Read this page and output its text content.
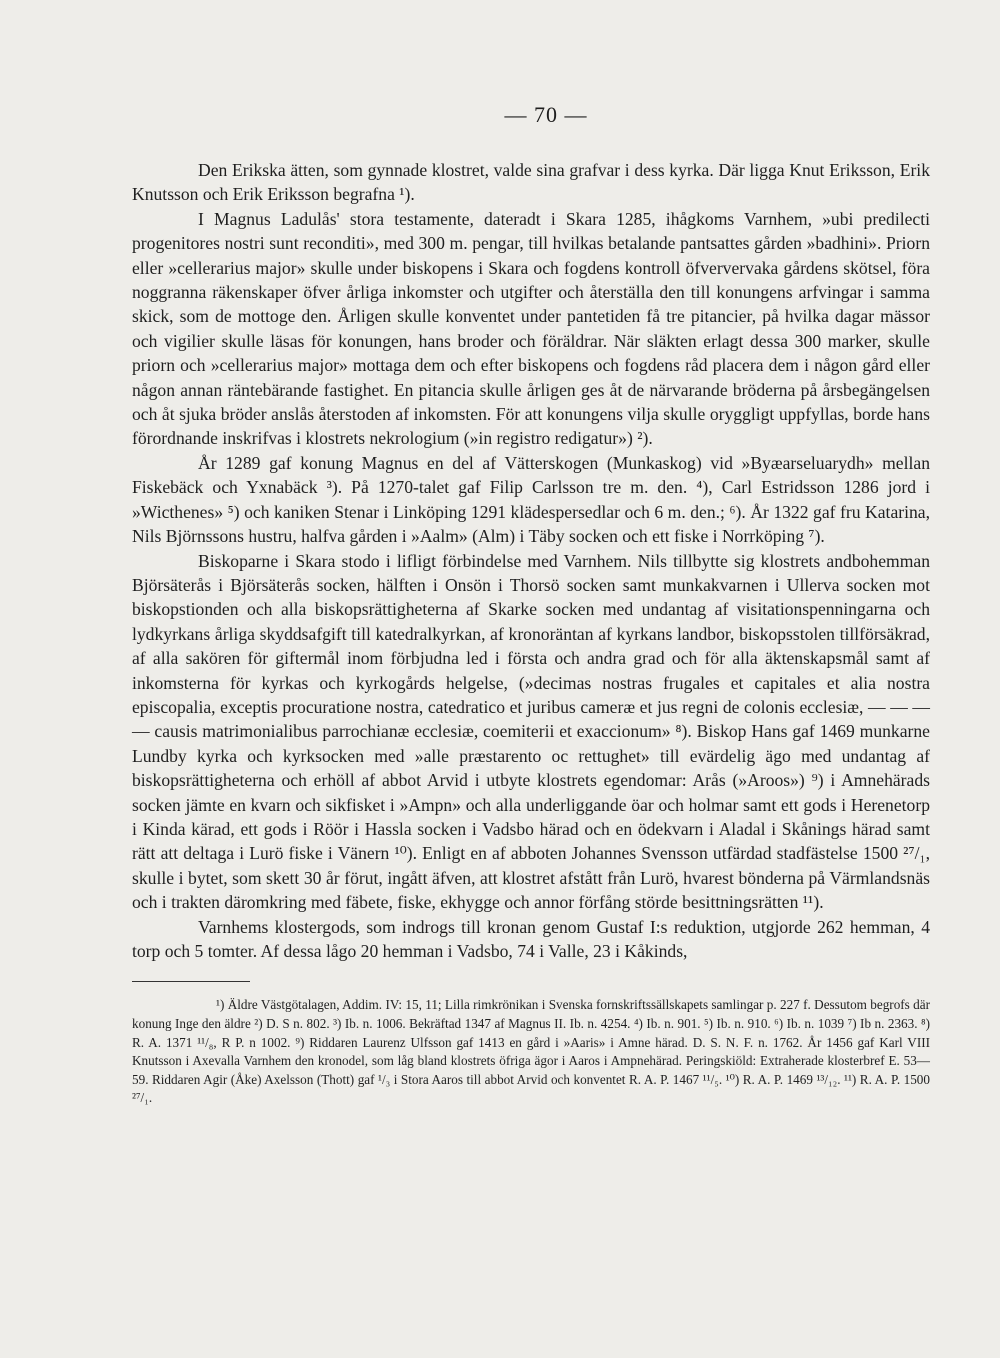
— 70 —

Den Erikska ätten, som gynnade klostret, valde sina grafvar i dess kyrka. Där ligga Knut Eriksson, Erik Knutsson och Erik Eriksson begrafna ¹).

I Magnus Ladulås' stora testamente, dateradt i Skara 1285, ihågkoms Varnhem, »ubi predilecti progenitores nostri sunt reconditi», med 300 m. pengar, till hvilkas betalande pantsattes gården »badhini». Priorn eller »cellerarius major» skulle under biskopens i Skara och fogdens kontroll öfververvaka gårdens skötsel, föra noggranna räkenskaper öfver årliga inkomster och utgifter och återställa den till konungens arfvingar i samma skick, som de mottoge den. Årligen skulle konventet under pantetiden få tre pitancier, på hvilka dagar mässor och vigilier skulle läsas för konungen, hans broder och föräldrar. När släkten erlagt dessa 300 marker, skulle priorn och »cellerarius major» mottaga dem och efter biskopens och fogdens råd placera dem i någon gård eller någon annan räntebärande fastighet. En pitancia skulle årligen ges åt de närvarande bröderna på årsbegängelsen och åt sjuka bröder anslås återstoden af inkomsten. För att konungens vilja skulle oryggligt uppfyllas, borde hans förordnande inskrifvas i klostrets nekrologium (»in registro redigatur») ²).

År 1289 gaf konung Magnus en del af Vätterskogen (Munkaskog) vid »Byæarseluarydh» mellan Fiskebäck och Yxnabäck ³). På 1270-talet gaf Filip Carlsson tre m. den. ⁴), Carl Estridsson 1286 jord i »Wicthenes» ⁵) och kaniken Stenar i Linköping 1291 klädespersedlar och 6 m. den.; ⁶). År 1322 gaf fru Katarina, Nils Björnssons hustru, halfva gården i »Aalm» (Alm) i Täby socken och ett fiske i Norrköping ⁷).

Biskoparne i Skara stodo i lifligt förbindelse med Varnhem. Nils tillbytte sig klostrets andbohemman Björsäterås i Björsäterås socken, hälften i Onsön i Thorsö socken samt munkakvarnen i Ullerva socken mot biskopstionden och alla biskopsrättigheterna af Skarke socken med undantag af visitationspenningarna och lydkyrkans årliga skyddsafgift till katedralkyrkan, af kronoräntan af kyrkans landbor, biskopsstolen tillförsäkrad, af alla sakören för giftermål inom förbjudna led i första och andra grad och för alla äktenskapsmål samt af inkomsterna för kyrkas och kyrkogårds helgelse, (»decimas nostras frugales et capitales et alia nostra episcopalia, exceptis procuratione nostra, catedratico et juribus cameræ et jus regni de colonis ecclesiæ, — — — — causis matrimonialibus parrochianæ ecclesiæ, coemiterii et exaccionum» ⁸). Biskop Hans gaf 1469 munkarne Lundby kyrka och kyrksocken med »alle præstarento oc rettughet» till evärdelig ägo med undantag af biskopsrättigheterna och erhöll af abbot Arvid i utbyte klostrets egendomar: Arås (»Aroos») ⁹) i Amnehärads socken jämte en kvarn och sikfisket i »Ampn» och alla underliggande öar och holmar samt ett gods i Herenetorp i Kinda kärad, ett gods i Röör i Hassla socken i Vadsbo härad och en ödekvarn i Aladal i Skånings härad samt rätt att deltaga i Lurö fiske i Vänern ¹⁰). Enligt en af abboten Johannes Svensson utfärdad stadfästelse 1500 ²⁷/₁, skulle i bytet, som skett 30 år förut, ingått äfven, att klostret afstått från Lurö, hvarest böndernа på Värmlandsnäs och i trakten däromkring med fäbete, fiske, ekhygge och annor förfång störde besittningsrätten ¹¹).

Varnhems klostergods, som indrogs till kronan genom Gustaf I:s reduktion, utgjorde 262 hemman, 4 torp och 5 tomter. Af dessa lågo 20 hemman i Vadsbo, 74 i Valle, 23 i Kåkinds,

¹) Äldre Västgötalagen, Addim. IV: 15, 11; Lilla rimkrönikan i Svenska fornskriftssällskapets samlingar p. 227 f. Dessutom begrofs där konung Inge den äldre ²) D. S n. 802. ³) Ib. n. 1006. Bekräftad 1347 af Magnus II. Ib. n. 4254. ⁴) Ib. n. 901. ⁵) Ib. n. 910. ⁶) Ib. n. 1039 ⁷) Ib n. 2363. ⁸) R. A. 1371 ¹¹/₈, R P. n 1002. ⁹) Riddaren Laurenz Ulfsson gaf 1413 en gård i »Aaris» i Amne härad. D. S. N. F. n. 1762. År 1456 gaf Karl VIII Knutsson i Axevalla Varnhem den kronodel, som låg bland klostrets öfriga ägor i Aaros i Ampnehärad. Peringskiöld: Extraherade klosterbref E. 53—59. Riddaren Agir (Åke) Axelsson (Thott) gaf ¹/₃ i Stora Aaros till abbot Arvid och konventet R. A. P. 1467 ¹¹/₅. ¹⁰) R. A. P. 1469 ¹³/₁₂. ¹¹) R. A. P. 1500 ²⁷/₁.
